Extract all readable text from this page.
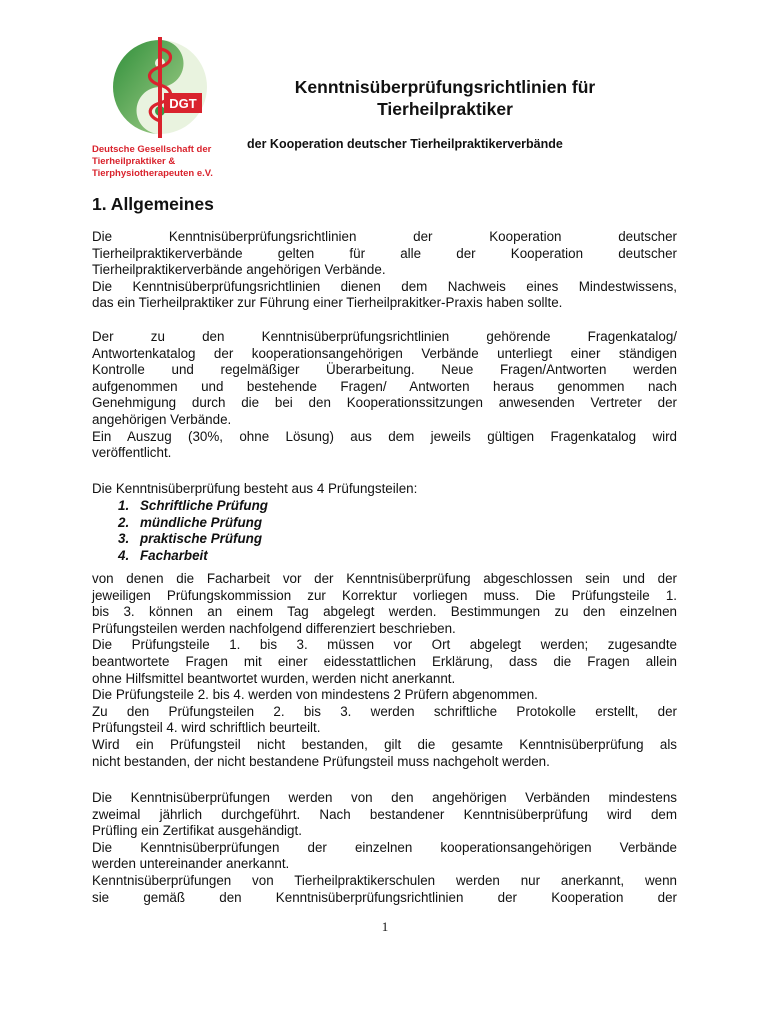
DGT
Deutsche Gesellschaft der
Tierheilpraktiker &
Tierphysiotherapeuten e.V.
Kenntnisüberprüfungsrichtlinien für
Tierheilpraktiker
der Kooperation deutscher Tierheilpraktikerverbände
1. Allgemeines

Die Kenntnisüberprüfungsrichtlinien der Kooperation deutscher

Tierheilpraktikerverbände gelten für alle der Kooperation deutscher

Tierheilpraktikerverbände angehörigen Verbände.

Die Kenntnisüberprüfungsrichtlinien dienen dem Nachweis eines Mindestwissens,

das ein Tierheilpraktiker zur Führung einer Tierheilprakitker-Praxis haben sollte.

Der zu den Kenntnisüberprüfungsrichtlinien gehörende Fragenkatalog/

Antwortenkatalog der kooperationsangehörigen Verbände unterliegt einer ständigen

Kontrolle und regelmäßiger Überarbeitung. Neue Fragen/Antworten werden

aufgenommen und bestehende Fragen/ Antworten heraus genommen nach

Genehmigung durch die bei den Kooperationssitzungen anwesenden Vertreter der

angehörigen Verbände.

Ein Auszug (30%, ohne Lösung) aus dem jeweils gültigen Fragenkatalog wird

veröffentlicht.

Die Kenntnisüberprüfung besteht aus 4 Prüfungsteilen:

1. Schriftliche Prüfung
2. mündliche Prüfung
3. praktische Prüfung
4. Facharbeit

von denen die Facharbeit vor der Kenntnisüberprüfung abgeschlossen sein und der

jeweiligen Prüfungskommission zur Korrektur vorliegen muss. Die Prüfungsteile 1.

bis 3. können an einem Tag abgelegt werden. Bestimmungen zu den einzelnen

Prüfungsteilen werden nachfolgend differenziert beschrieben.

Die Prüfungsteile 1. bis 3. müssen vor Ort abgelegt werden; zugesandte

beantwortete Fragen mit einer eidesstattlichen Erklärung, dass die Fragen allein

ohne Hilfsmittel beantwortet wurden, werden nicht anerkannt.

Die Prüfungsteile 2. bis 4. werden von mindestens 2 Prüfern abgenommen.

Zu den Prüfungsteilen 2. bis 3. werden schriftliche Protokolle erstellt, der

Prüfungsteil 4. wird schriftlich beurteilt.

Wird ein Prüfungsteil nicht bestanden, gilt die gesamte Kenntnisüberprüfung als

nicht bestanden, der nicht bestandene Prüfungsteil muss nachgeholt werden.

Die Kenntnisüberprüfungen werden von den angehörigen Verbänden mindestens

zweimal jährlich durchgeführt. Nach bestandener Kenntnisüberprüfung wird dem

Prüfling ein Zertifikat ausgehändigt.

Die Kenntnisüberprüfungen der einzelnen kooperationsangehörigen Verbände

werden untereinander anerkannt.

Kenntnisüberprüfungen von Tierheilpraktikerschulen werden nur anerkannt, wenn

sie gemäß den Kenntnisüberprüfungsrichtlinien der Kooperation der

1
